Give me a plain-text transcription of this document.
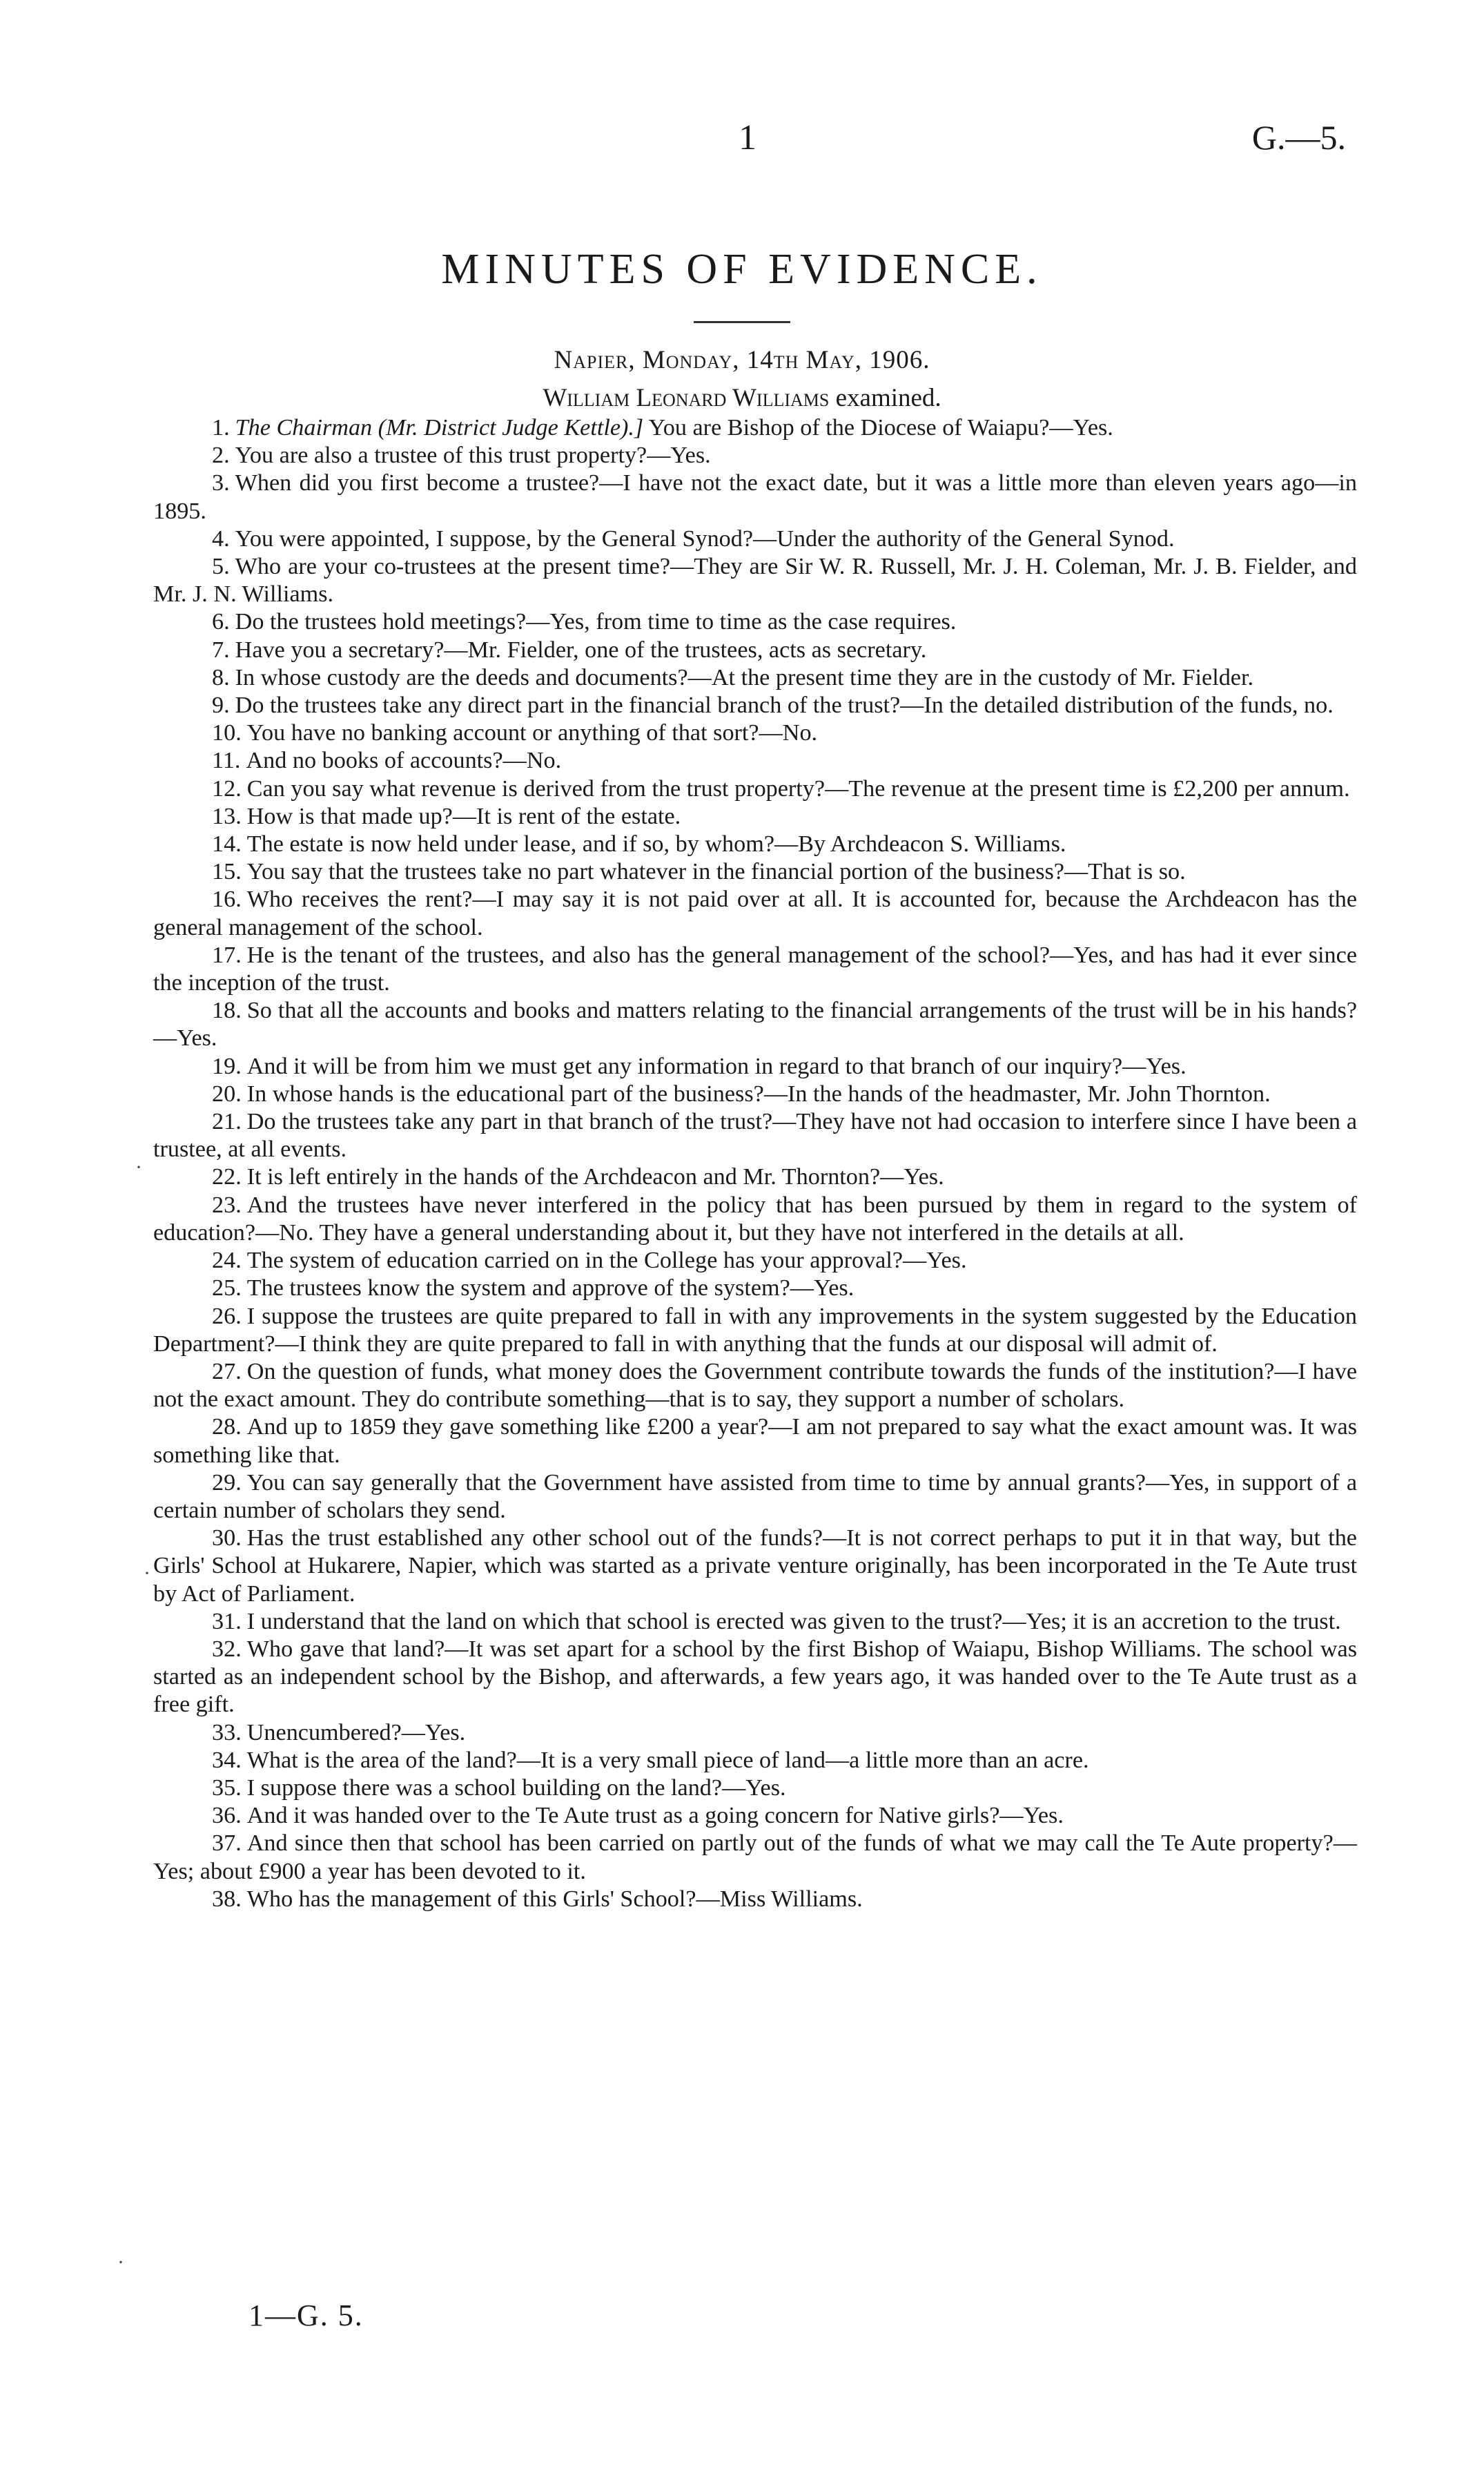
1	G.—5.
MINUTES OF EVIDENCE.
Napier, Monday, 14th May, 1906.
William Leonard Williams examined.

1. The Chairman (Mr. District Judge Kettle).] You are Bishop of the Diocese of Waiapu?—Yes.

2. You are also a trustee of this trust property?—Yes.

3. When did you first become a trustee?—I have not the exact date, but it was a little more than eleven years ago—in 1895.

4. You were appointed, I suppose, by the General Synod?—Under the authority of the General Synod.

5. Who are your co-trustees at the present time?—They are Sir W. R. Russell, Mr. J. H. Coleman, Mr. J. B. Fielder, and Mr. J. N. Williams.

6. Do the trustees hold meetings?—Yes, from time to time as the case requires.

7. Have you a secretary?—Mr. Fielder, one of the trustees, acts as secretary.

8. In whose custody are the deeds and documents?—At the present time they are in the custody of Mr. Fielder.

9. Do the trustees take any direct part in the financial branch of the trust?—In the detailed distribution of the funds, no.

10. You have no banking account or anything of that sort?—No.

11. And no books of accounts?—No.

12. Can you say what revenue is derived from the trust property?—The revenue at the present time is £2,200 per annum.

13. How is that made up?—It is rent of the estate.

14. The estate is now held under lease, and if so, by whom?—By Archdeacon S. Williams.

15. You say that the trustees take no part whatever in the financial portion of the business?—That is so.

16. Who receives the rent?—I may say it is not paid over at all. It is accounted for, because the Archdeacon has the general management of the school.

17. He is the tenant of the trustees, and also has the general management of the school?—Yes, and has had it ever since the inception of the trust.

18. So that all the accounts and books and matters relating to the financial arrangements of the trust will be in his hands?—Yes.

19. And it will be from him we must get any information in regard to that branch of our inquiry?—Yes.

20. In whose hands is the educational part of the business?—In the hands of the headmaster, Mr. John Thornton.

21. Do the trustees take any part in that branch of the trust?—They have not had occasion to interfere since I have been a trustee, at all events.

22. It is left entirely in the hands of the Archdeacon and Mr. Thornton?—Yes.

23. And the trustees have never interfered in the policy that has been pursued by them in regard to the system of education?—No. They have a general understanding about it, but they have not interfered in the details at all.

24. The system of education carried on in the College has your approval?—Yes.

25. The trustees know the system and approve of the system?—Yes.

26. I suppose the trustees are quite prepared to fall in with any improvements in the system suggested by the Education Department?—I think they are quite prepared to fall in with anything that the funds at our disposal will admit of.

27. On the question of funds, what money does the Government contribute towards the funds of the institution?—I have not the exact amount. They do contribute something—that is to say, they support a number of scholars.

28. And up to 1859 they gave something like £200 a year?—I am not prepared to say what the exact amount was. It was something like that.

29. You can say generally that the Government have assisted from time to time by annual grants?—Yes, in support of a certain number of scholars they send.

30. Has the trust established any other school out of the funds?—It is not correct perhaps to put it in that way, but the Girls' School at Hukarere, Napier, which was started as a private venture originally, has been incorporated in the Te Aute trust by Act of Parliament.

31. I understand that the land on which that school is erected was given to the trust?—Yes; it is an accretion to the trust.

32. Who gave that land?—It was set apart for a school by the first Bishop of Waiapu, Bishop Williams. The school was started as an independent school by the Bishop, and afterwards, a few years ago, it was handed over to the Te Aute trust as a free gift.

33. Unencumbered?—Yes.

34. What is the area of the land?—It is a very small piece of land—a little more than an acre.

35. I suppose there was a school building on the land?—Yes.

36. And it was handed over to the Te Aute trust as a going concern for Native girls?—Yes.

37. And since then that school has been carried on partly out of the funds of what we may call the Te Aute property?—Yes; about £900 a year has been devoted to it.

38. Who has the management of this Girls' School?—Miss Williams.

·
·
·
1—G. 5.
